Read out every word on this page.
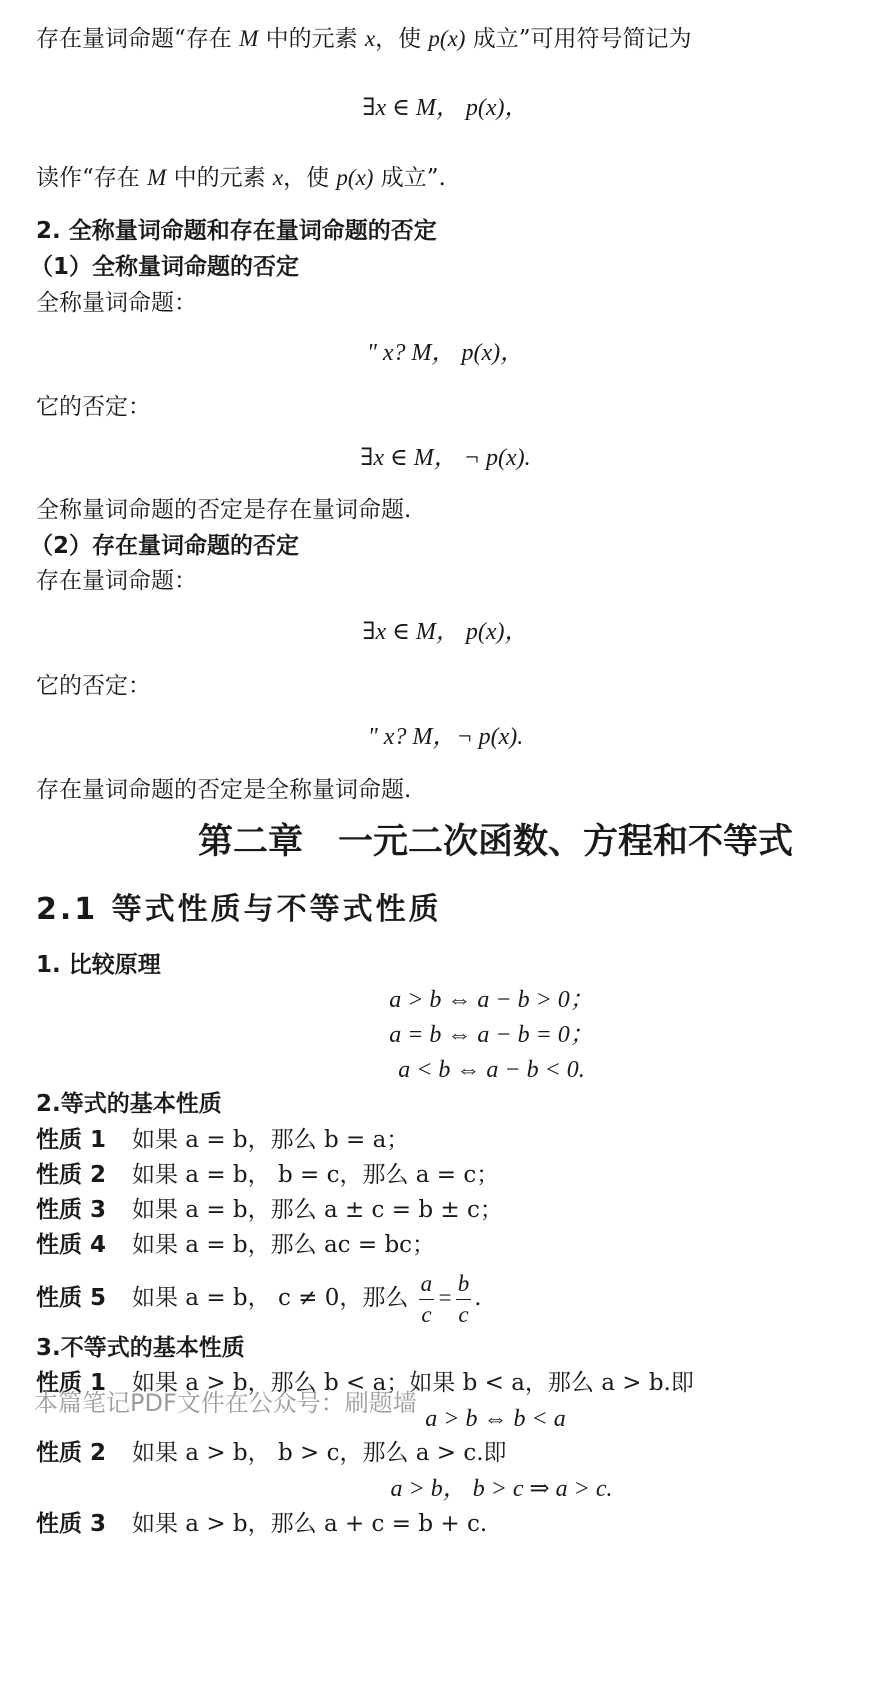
存在量词命题“存在 M 中的元素 x，使 p(x) 成立”可用符号简记为
∃x ∈ M， p(x)，
读作“存在 M 中的元素 x，使 p(x) 成立”.
2. 全称量词命题和存在量词命题的否定
（1）全称量词命题的否定
全称量词命题：
" x? M， p(x)，
它的否定：
∃x ∈ M， ¬ p(x).
全称量词命题的否定是存在量词命题.
（2）存在量词命题的否定
存在量词命题：
∃x ∈ M， p(x)，
它的否定：
" x? M，¬ p(x).
存在量词命题的否定是全称量词命题.
第二章　一元二次函数、方程和不等式
2.1 等式性质与不等式性质
1. 比较原理
a > b ⇔ a − b > 0；
a = b ⇔ a − b = 0；
a < b ⇔ a − b < 0.
2.等式的基本性质
性质 1 如果 a = b，那么 b = a；
性质 2 如果 a = b， b = c，那么 a = c；
性质 3 如果 a = b，那么 a ± c = b ± c；
性质 4 如果 a = b，那么 ac = bc；
性质 5 如果 a = b， c ≠ 0，那么 $\frac{a}{c} = \frac{b}{c}$ .
3.不等式的基本性质
性质 1 如果 a > b，那么 b < a；如果 b < a，那么 a > b.即
a > b ⇔ b < a
性质 2 如果 a > b， b > c，那么 a > c.即
a > b， b > c ⇒ a > c.
性质 3 如果 a > b，那么 a + c = b + c.
本篇笔记PDF文件在公众号：刷题墙
